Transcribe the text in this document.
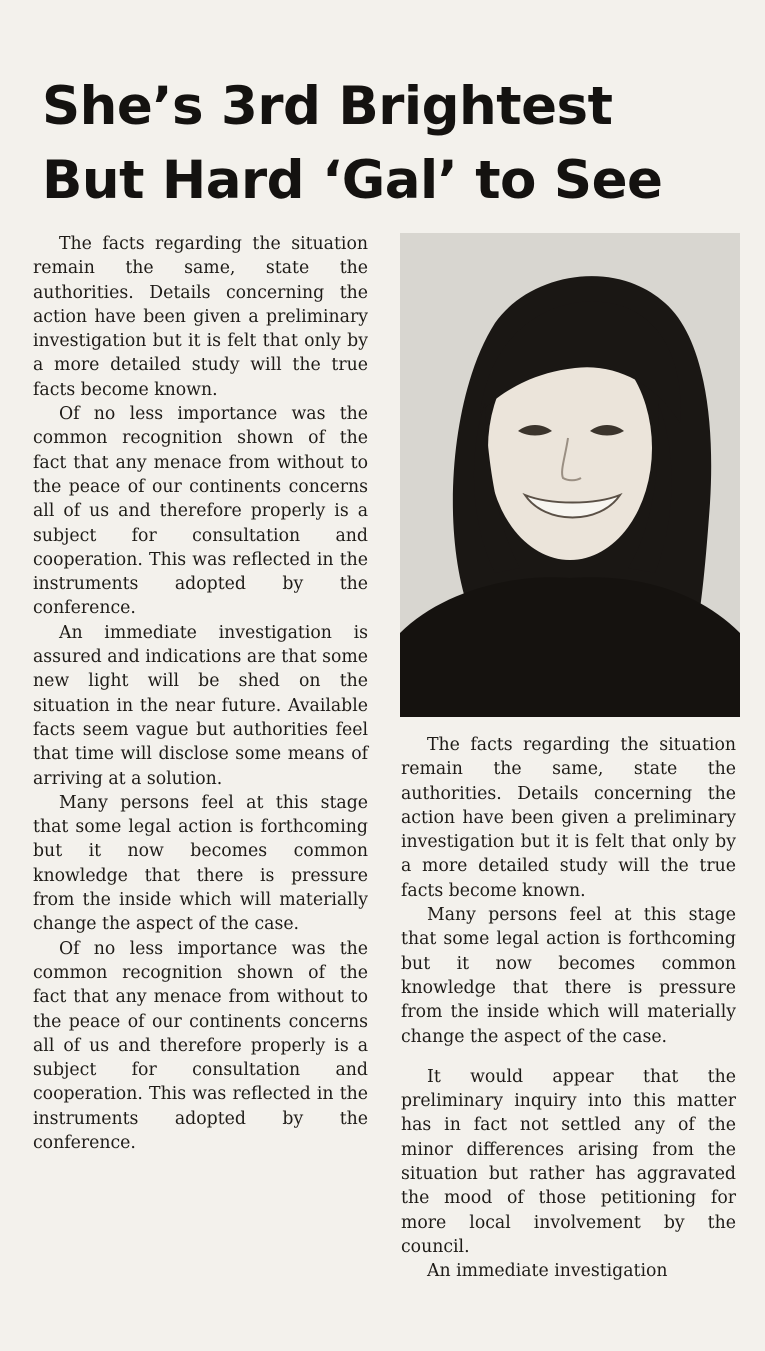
She’s 3rd Brightest
But Hard ‘Gal’ to See

The facts regarding the situation remain the same, state the authorities. Details concerning the action have been given a preliminary investigation but it is felt that only by a more detailed study will the true facts become known.

Of no less importance was the common recognition shown of the fact that any menace from without to the peace of our continents concerns all of us and therefore properly is a subject for consultation and cooperation. This was reflected in the instruments adopted by the conference.

An immediate investigation is assured and indications are that some new light will be shed on the situation in the near future. Available facts seem vague but authorities feel that time will disclose some means of arriving at a solution.

Many persons feel at this stage that some legal action is forthcoming but it now becomes common knowledge that there is pressure from the inside which will materially change the aspect of the case.

Of no less importance was the common recognition shown of the fact that any menace from without to the peace of our continents concerns all of us and therefore properly is a subject for consultation and cooperation. This was reflected in the instruments adopted by the conference.

The facts regarding the situation remain the same, state the authorities. Details concerning the action have been given a preliminary investigation but it is felt that only by a more detailed study will the true facts become known.

Many persons feel at this stage that some legal action is forthcoming but it now becomes common knowledge that there is pressure from the inside which will materially change the aspect of the case.

It would appear that the preliminary inquiry into this matter has in fact not settled any of the minor differences arising from the situation but rather has aggravated the mood of those petitioning for more local involvement by the council.

An immediate investigation
